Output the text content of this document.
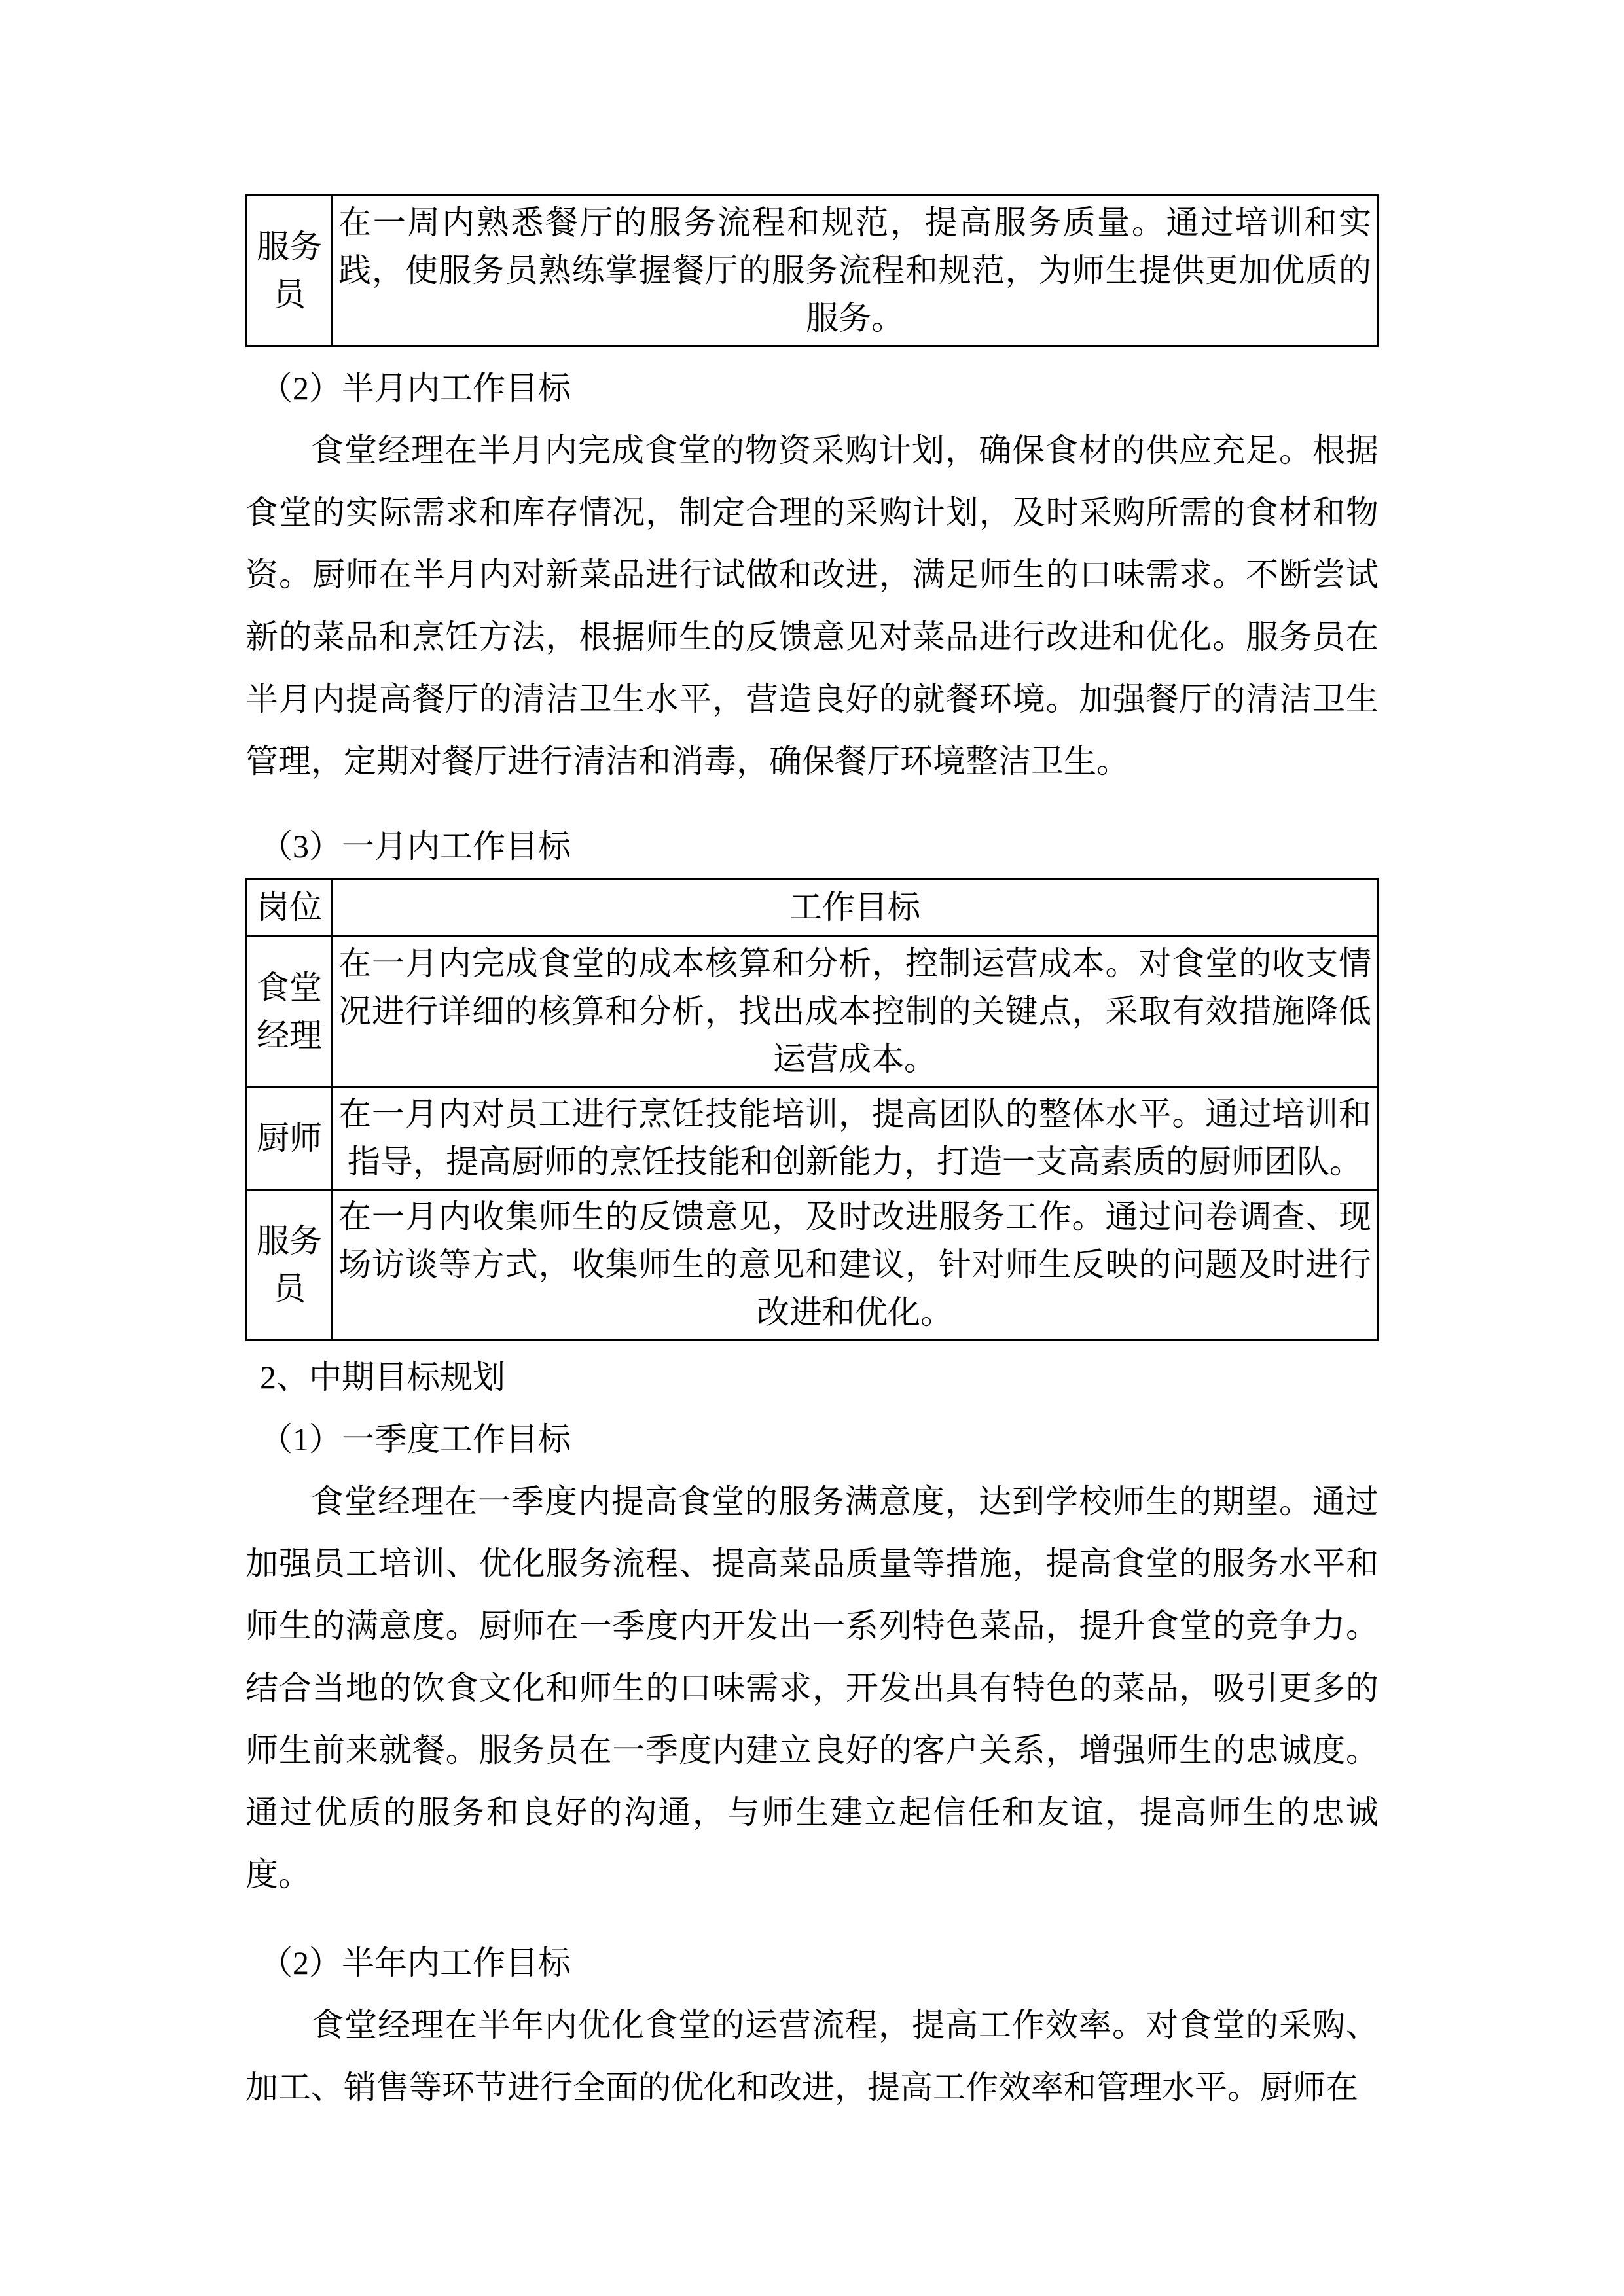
服务员	在一周内熟悉餐厅的服务流程和规范，提高服务质量。通过培训和实践，使服务员熟练掌握餐厅的服务流程和规范，为师生提供更加优质的服务。
（2）半月内工作目标

食堂经理在半月内完成食堂的物资采购计划，确保食材的供应充足。根据食堂的实际需求和库存情况，制定合理的采购计划，及时采购所需的食材和物资。厨师在半月内对新菜品进行试做和改进，满足师生的口味需求。不断尝试新的菜品和烹饪方法，根据师生的反馈意见对菜品进行改进和优化。服务员在半月内提高餐厅的清洁卫生水平，营造良好的就餐环境。加强餐厅的清洁卫生管理，定期对餐厅进行清洁和消毒，确保餐厅环境整洁卫生。

（3）一月内工作目标
岗位	工作目标
食堂经理	在一月内完成食堂的成本核算和分析，控制运营成本。对食堂的收支情况进行详细的核算和分析，找出成本控制的关键点，采取有效措施降低运营成本。
厨师	在一月内对员工进行烹饪技能培训，提高团队的整体水平。通过培训和指导，提高厨师的烹饪技能和创新能力，打造一支高素质的厨师团队。
服务员	在一月内收集师生的反馈意见，及时改进服务工作。通过问卷调查、现场访谈等方式，收集师生的意见和建议，针对师生反映的问题及时进行改进和优化。
2、中期目标规划
（1）一季度工作目标

食堂经理在一季度内提高食堂的服务满意度，达到学校师生的期望。通过加强员工培训、优化服务流程、提高菜品质量等措施，提高食堂的服务水平和师生的满意度。厨师在一季度内开发出一系列特色菜品，提升食堂的竞争力。结合当地的饮食文化和师生的口味需求，开发出具有特色的菜品，吸引更多的师生前来就餐。服务员在一季度内建立良好的客户关系，增强师生的忠诚度。通过优质的服务和良好的沟通，与师生建立起信任和友谊，提高师生的忠诚度。

（2）半年内工作目标

食堂经理在半年内优化食堂的运营流程，提高工作效率。对食堂的采购、加工、销售等环节进行全面的优化和改进，提高工作效率和管理水平。厨师在
